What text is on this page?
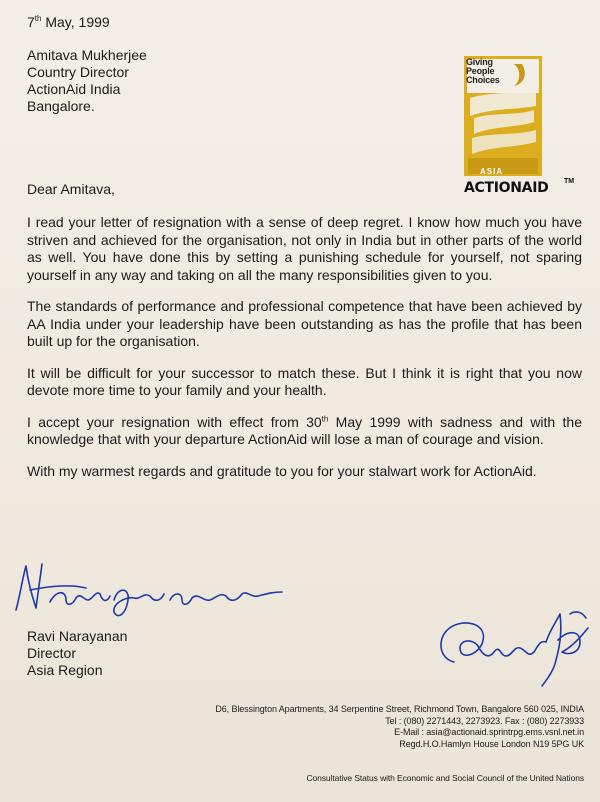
7th May, 1999
Amitava Mukherjee
Country Director
ActionAid India
Bangalore.
Giving
People
Choices
ASIA
ACTIONAID TM
Dear Amitava,

I read your letter of resignation with a sense of deep regret. I know how much you have striven and achieved for the organisation, not only in India but in other parts of the world as well. You have done this by setting a punishing schedule for yourself, not sparing yourself in any way and taking on all the many responsibilities given to you.

The standards of performance and professional competence that have been achieved by AA India under your leadership have been outstanding as has the profile that has been built up for the organisation.

It will be difficult for your successor to match these. But I think it is right that you now devote more time to your family and your health.

I accept your resignation with effect from 30th May 1999 with sadness and with the knowledge that with your departure ActionAid will lose a man of courage and vision.

With my warmest regards and gratitude to you for your stalwart work for ActionAid.

Ravi Narayanan
Director
Asia Region
D6, Blessington Apartments, 34 Serpentine Street, Richmond Town, Bangalore 560 025, INDIA
Tel : (080) 2271443, 2273923. Fax : (080) 2273933
E-Mail : asia@actionaid.sprintrpg.ems.vsnl.net.in
Regd.H.O.Hamlyn House London N19 5PG UK
Consultative Status with Economic and Social Council of the United Nations
